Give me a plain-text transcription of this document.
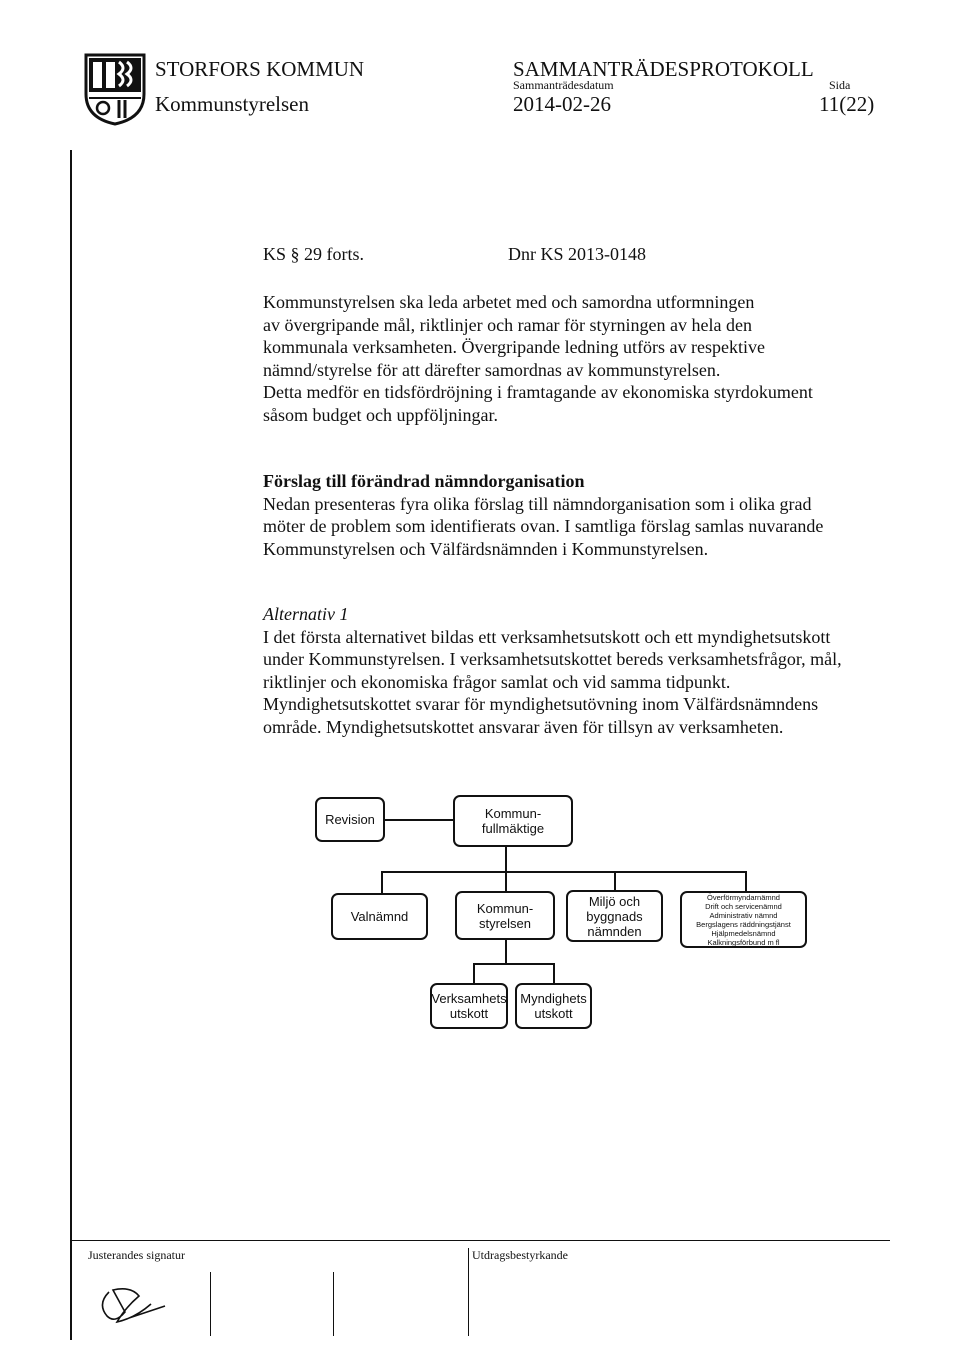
STORFORS KOMMUN
Kommunstyrelsen
SAMMANTRÄDESPROTOKOLL
Sammanträdesdatum
2014-02-26
Sida
11(22)
KS § 29 forts.	Dnr KS 2013-0148
Kommunstyrelsen ska leda arbetet med och samordna utformningen
av övergripande mål, riktlinjer och ramar för styrningen av hela den
kommunala verksamheten. Övergripande ledning utförs av respektive
nämnd/styrelse för att därefter samordnas av kommunstyrelsen.
Detta medför en tidsfördröjning i framtagande av ekonomiska styrdokument
såsom budget och uppföljningar.
Förslag till förändrad nämndorganisation
Nedan presenteras fyra olika förslag till nämndorganisation som i olika grad
möter de problem som identifierats ovan. I samtliga förslag samlas nuvarande
Kommunstyrelsen och Välfärdsnämnden i Kommunstyrelsen.
Alternativ 1
I det första alternativet bildas ett verksamhetsutskott och ett myndighetsutskott
under Kommunstyrelsen. I verksamhetsutskottet bereds verksamhetsfrågor, mål,
riktlinjer och ekonomiska frågor samlat och vid samma tidpunkt.
Myndighetsutskottet svarar för myndighetsutövning inom Välfärdsnämndens
område. Myndighetsutskottet ansvarar även för tillsyn av verksamheten.
Revision	Kommun-
fullmäktige
Valnämnd
Kommun-
styrelsen
Miljö och
byggnads
nämnden
Överförmyndarnämnd
Drift och servicenämnd
Administrativ nämnd
Bergslagens räddningstjänst
Hjälpmedelsnämnd
Kalkningsförbund m fl
Verksamhets
utskott
Myndighets
utskott
Justerandes signatur	Utdragsbestyrkande
